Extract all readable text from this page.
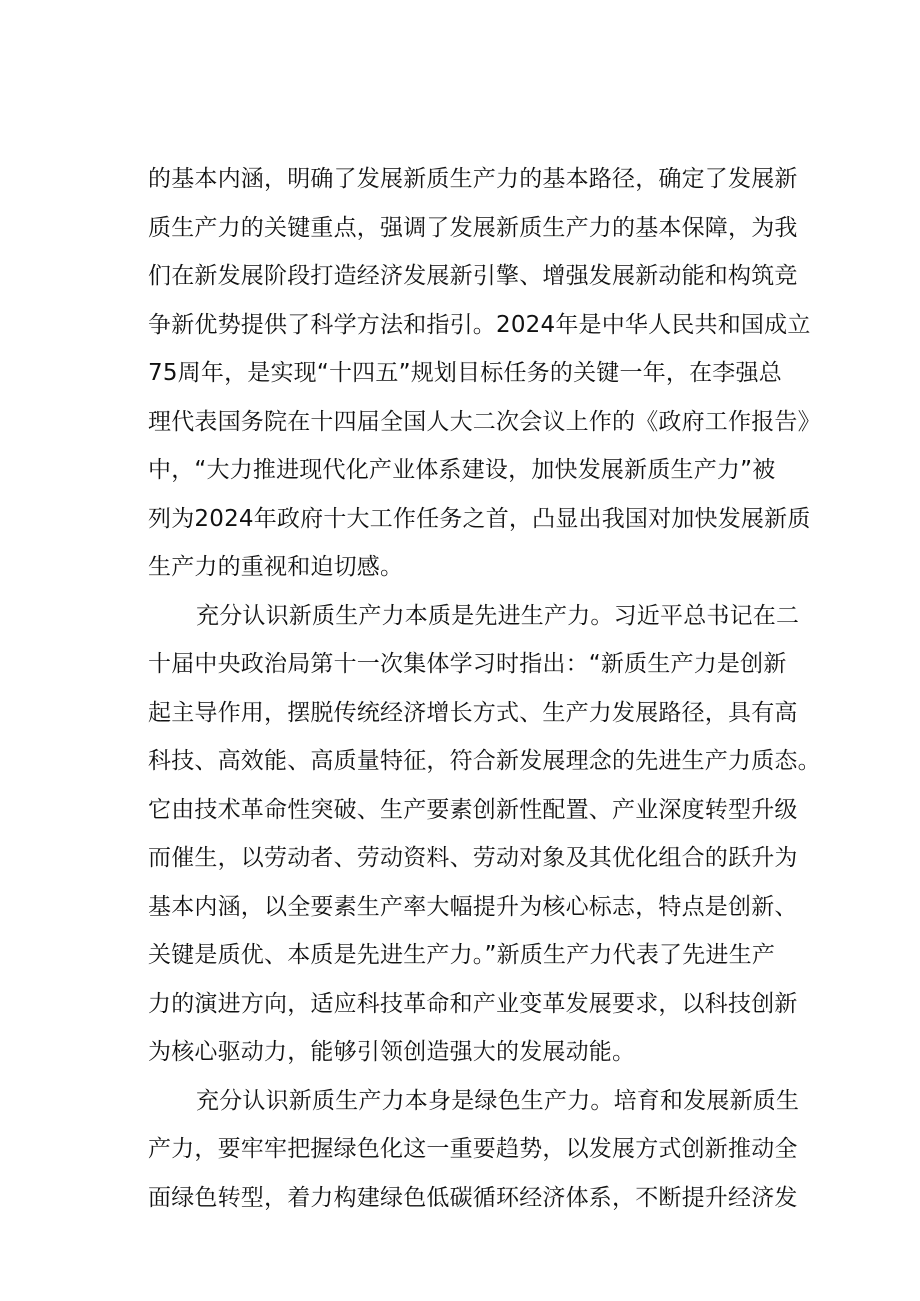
的基本内涵，明确了发展新质生产力的基本路径，确定了发展新
质生产力的关键重点，强调了发展新质生产力的基本保障，为我
们在新发展阶段打造经济发展新引擎、增强发展新动能和构筑竞
争新优势提供了科学方法和指引。2024年是中华人民共和国成立
75周年，是实现“十四五”规划目标任务的关键一年，在李强总
理代表国务院在十四届全国人大二次会议上作的《政府工作报告》
中，“大力推进现代化产业体系建设，加快发展新质生产力”被
列为2024年政府十大工作任务之首，凸显出我国对加快发展新质
生产力的重视和迫切感。
充分认识新质生产力本质是先进生产力。习近平总书记在二
十届中央政治局第十一次集体学习时指出：“新质生产力是创新
起主导作用，摆脱传统经济增长方式、生产力发展路径，具有高
科技、高效能、高质量特征，符合新发展理念的先进生产力质态。
它由技术革命性突破、生产要素创新性配置、产业深度转型升级
而催生，以劳动者、劳动资料、劳动对象及其优化组合的跃升为
基本内涵，以全要素生产率大幅提升为核心标志，特点是创新、
关键是质优、本质是先进生产力。”新质生产力代表了先进生产
力的演进方向，适应科技革命和产业变革发展要求，以科技创新
为核心驱动力，能够引领创造强大的发展动能。
充分认识新质生产力本身是绿色生产力。培育和发展新质生
产力，要牢牢把握绿色化这一重要趋势，以发展方式创新推动全
面绿色转型，着力构建绿色低碳循环经济体系，不断提升经济发
